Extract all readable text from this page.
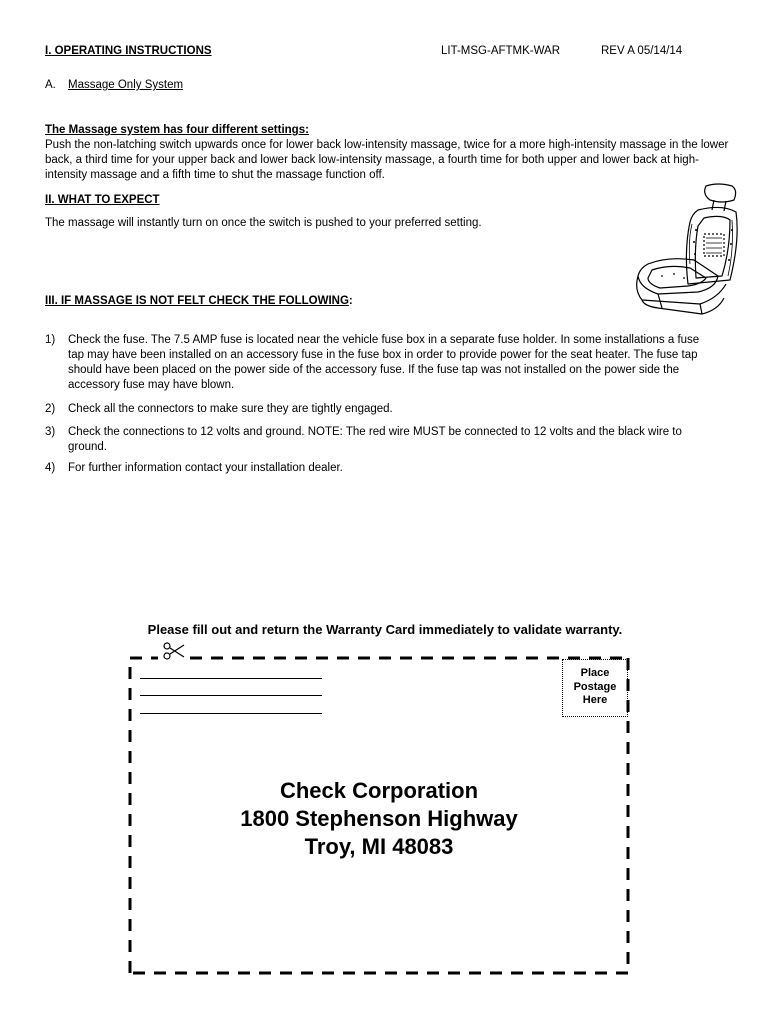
I. OPERATING INSTRUCTIONS	LIT-MSG-AFTMK-WAR	REV A 05/14/14
A. Massage Only System
The Massage system has four different settings:
Push the non-latching switch upwards once for lower back low-intensity massage, twice for a more high-intensity massage in the lower back, a third time for your upper back and lower back low-intensity massage, a fourth time for both upper and lower back at high-intensity massage and a fifth time to shut the massage function off.
II. WHAT TO EXPECT
The massage will instantly turn on once the switch is pushed to your preferred setting.
III. IF MASSAGE IS NOT FELT CHECK THE FOLLOWING:
1) Check the fuse. The 7.5 AMP fuse is located near the vehicle fuse box in a separate fuse holder. In some installations a fuse tap may have been installed on an accessory fuse in the fuse box in order to provide power for the seat heater. The fuse tap should have been placed on the power side of the accessory fuse. If the fuse tap was not installed on the power side the accessory fuse may have blown.
2) Check all the connectors to make sure they are tightly engaged.
3) Check the connections to 12 volts and ground. NOTE: The red wire MUST be connected to 12 volts and the black wire to ground.
4) For further information contact your installation dealer.
Please fill out and return the Warranty Card immediately to validate warranty.
Place
Postage
Here
Check Corporation
1800 Stephenson Highway
Troy, MI 48083
